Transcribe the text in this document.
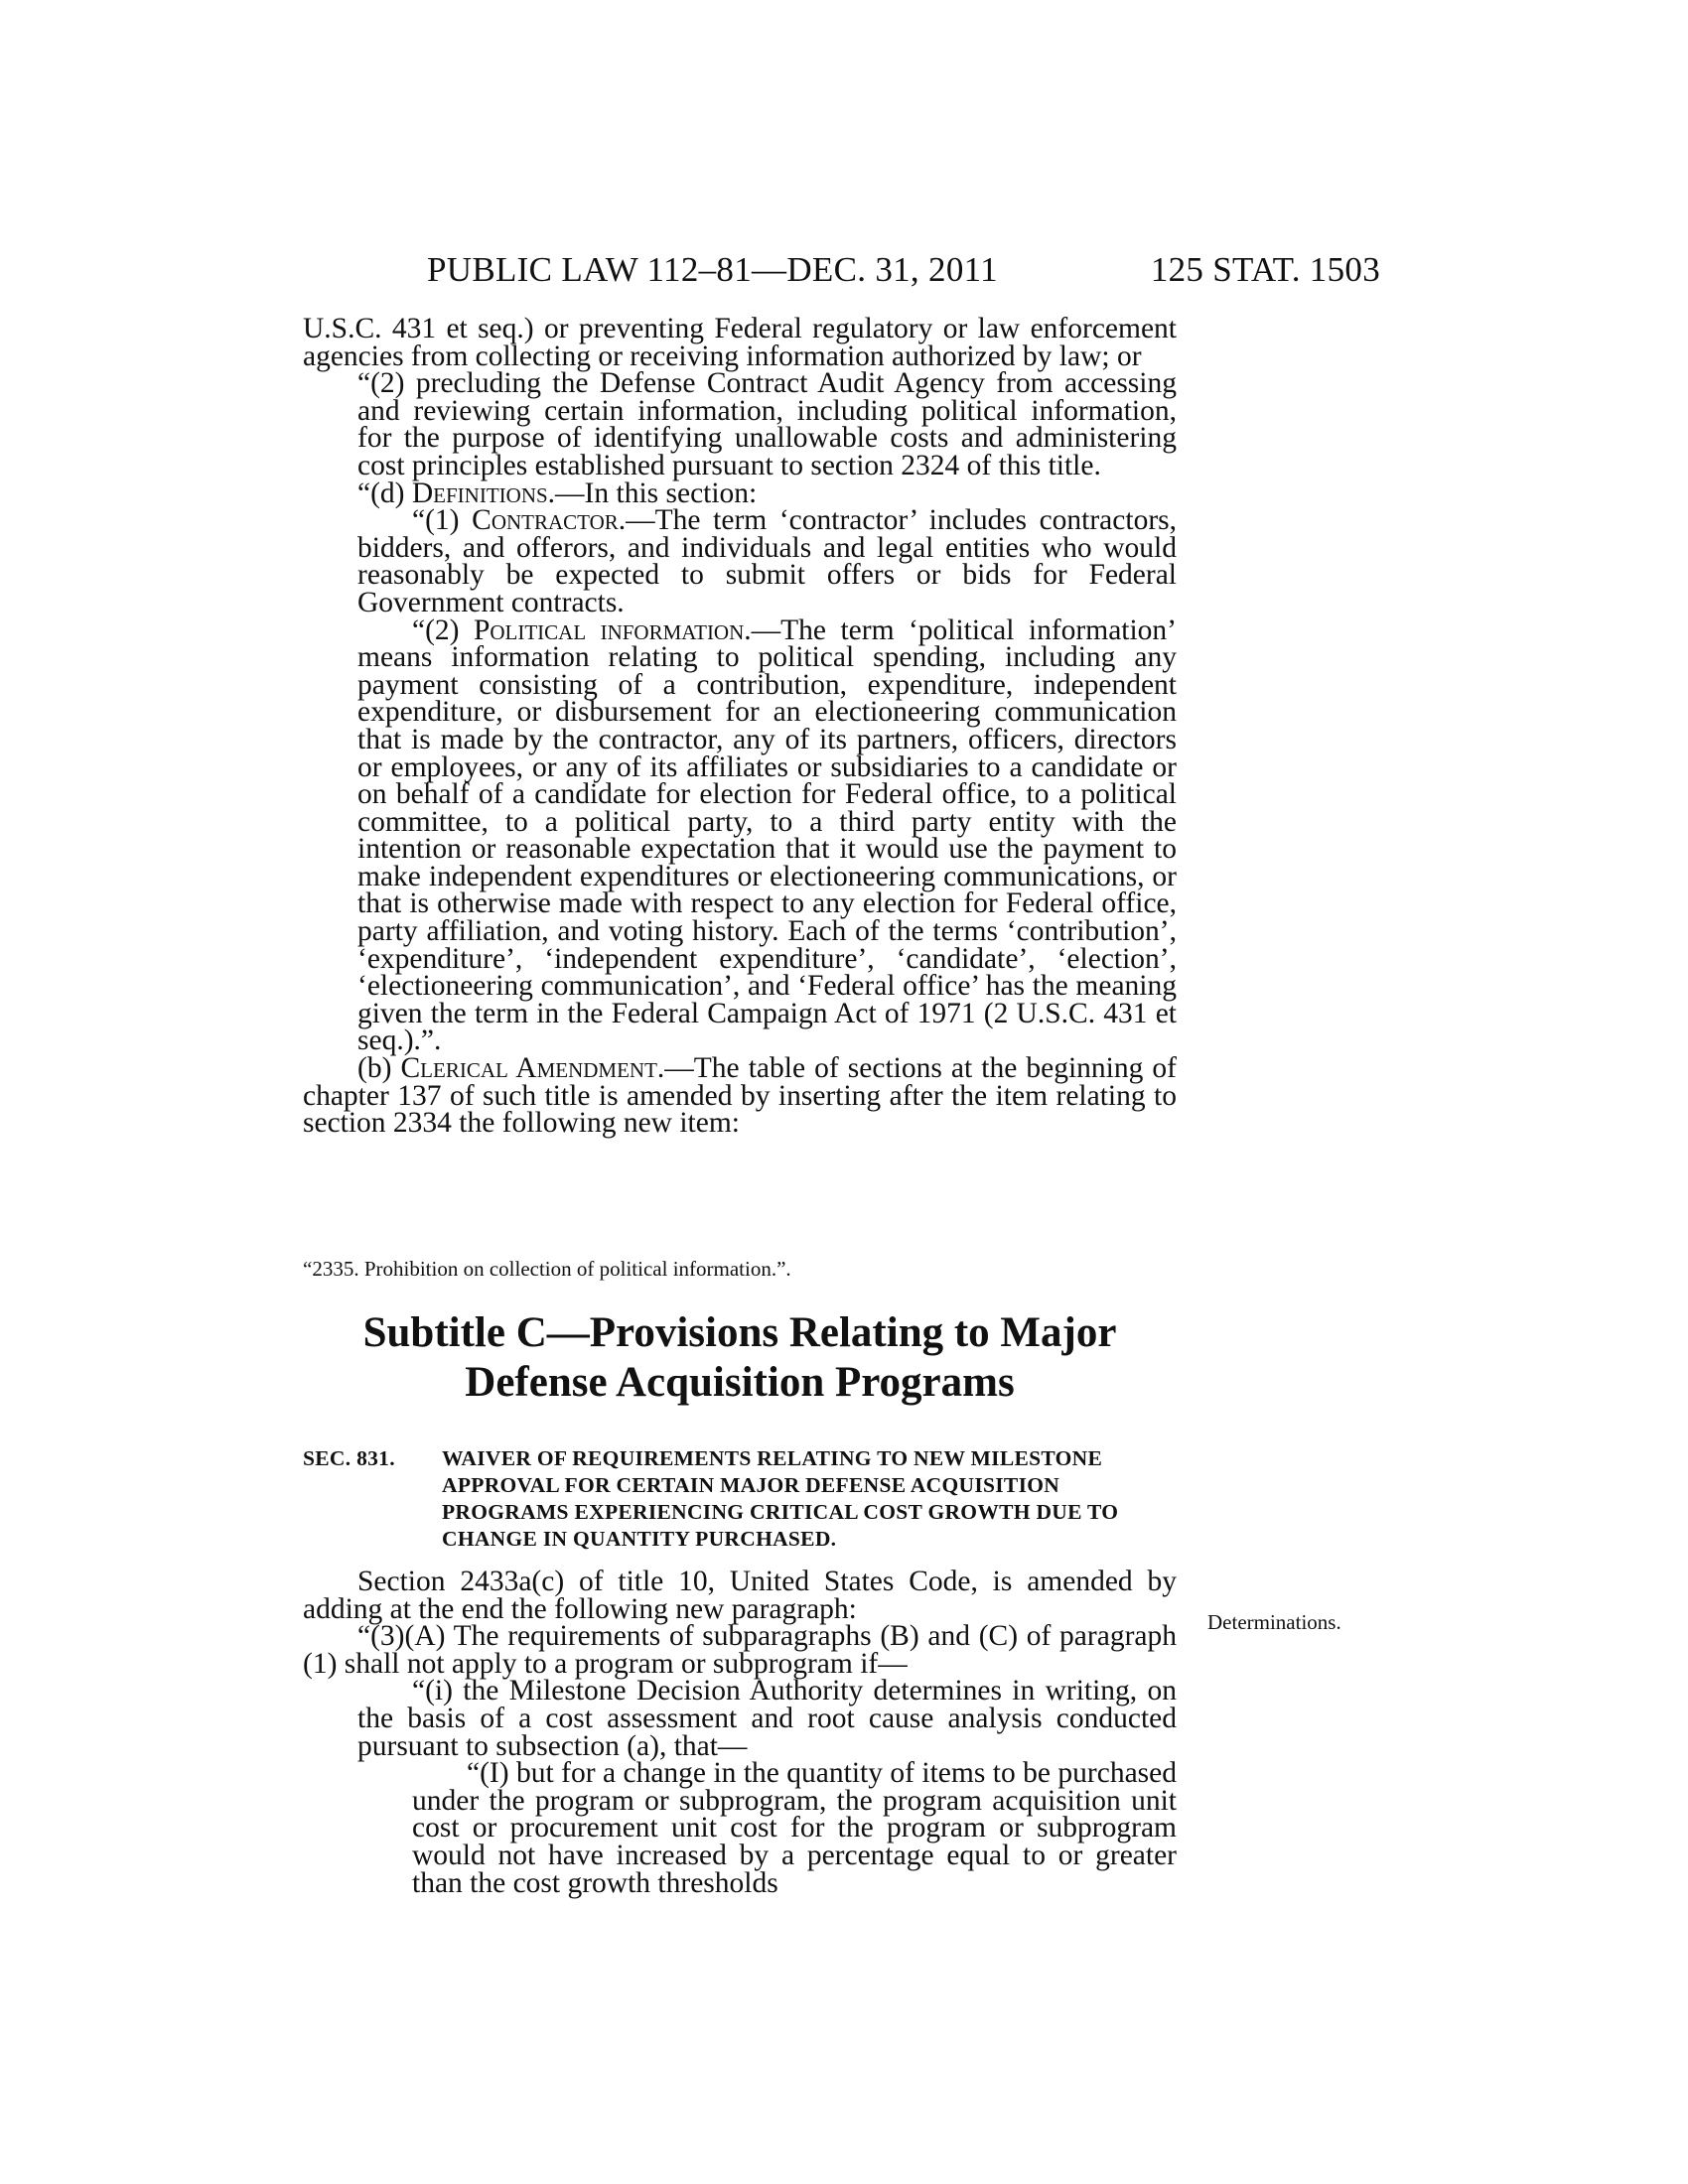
PUBLIC LAW 112–81—DEC. 31, 2011	125 STAT. 1503

U.S.C. 431 et seq.) or preventing Federal regulatory or law enforcement agencies from collecting or receiving information authorized by law; or

“(2) precluding the Defense Contract Audit Agency from accessing and reviewing certain information, including political information, for the purpose of identifying unallowable costs and administering cost principles established pursuant to section 2324 of this title.

“(d) Definitions.—In this section:

“(1) Contractor.—The term ‘contractor’ includes contractors, bidders, and offerors, and individuals and legal entities who would reasonably be expected to submit offers or bids for Federal Government contracts.

“(2) Political information.—The term ‘political information’ means information relating to political spending, including any payment consisting of a contribution, expenditure, independent expenditure, or disbursement for an electioneering communication that is made by the contractor, any of its partners, officers, directors or employees, or any of its affiliates or subsidiaries to a candidate or on behalf of a candidate for election for Federal office, to a political committee, to a political party, to a third party entity with the intention or reasonable expectation that it would use the payment to make independent expenditures or electioneering communications, or that is otherwise made with respect to any election for Federal office, party affiliation, and voting history. Each of the terms ‘contribution’, ‘expenditure’, ‘independent expenditure’, ‘candidate’, ‘election’, ‘electioneering communication’, and ‘Federal office’ has the meaning given the term in the Federal Campaign Act of 1971 (2 U.S.C. 431 et seq.).”.

(b) Clerical Amendment.—The table of sections at the beginning of chapter 137 of such title is amended by inserting after the item relating to section 2334 the following new item:

“2335. Prohibition on collection of political information.”.
Subtitle C—Provisions Relating to Major
Defense Acquisition Programs
SEC. 831. WAIVER OF REQUIREMENTS RELATING TO NEW MILESTONE APPROVAL FOR CERTAIN MAJOR DEFENSE ACQUISITION PROGRAMS EXPERIENCING CRITICAL COST GROWTH DUE TO CHANGE IN QUANTITY PURCHASED.

Section 2433a(c) of title 10, United States Code, is amended by adding at the end the following new paragraph:

“(3)(A) The requirements of subparagraphs (B) and (C) of paragraph (1) shall not apply to a program or subprogram if—

“(i) the Milestone Decision Authority determines in writing, on the basis of a cost assessment and root cause analysis conducted pursuant to subsection (a), that—

“(I) but for a change in the quantity of items to be purchased under the program or subprogram, the program acquisition unit cost or procurement unit cost for the program or subprogram would not have increased by a percentage equal to or greater than the cost growth thresholds

Determinations.
